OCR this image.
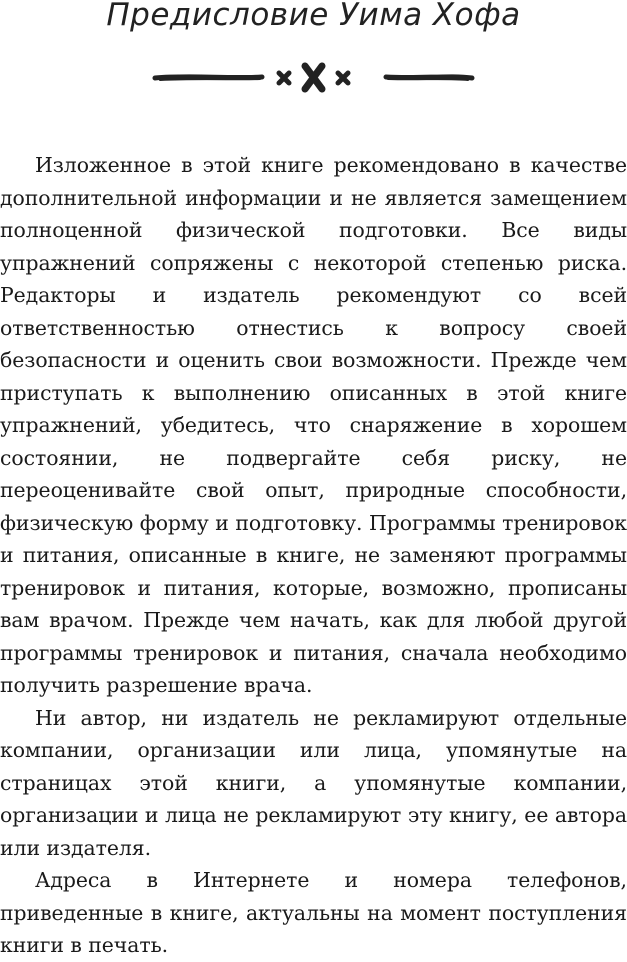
Предисловие Уима Хофа

Изложенное в этой книге рекомендовано в качестве дополнительной информации и не является замещением полноценной физической подготовки. Все виды упражнений сопряжены с некоторой степенью риска. Редакторы и издатель рекомендуют со всей ответственностью отнестись к вопросу своей безопасности и оценить свои возможности. Прежде чем приступать к выполнению описанных в этой книге упражнений, убедитесь, что снаряжение в хорошем состоянии, не подвергайте себя риску, не переоценивайте свой опыт, природные способности, физическую форму и подготовку. Программы тренировок и питания, описанные в книге, не заменяют программы тренировок и питания, которые, возможно, прописаны вам врачом. Прежде чем начать, как для любой другой программы тренировок и питания, сначала необходимо получить разрешение врача.

Ни автор, ни издатель не рекламируют отдельные компании, организации или лица, упомянутые на страницах этой книги, а упомянутые компании, организации и лица не рекламируют эту книгу, ее автора или издателя.

Адреса в Интернете и номера телефонов, приведенные в книге, актуальны на момент поступления книги в печать.
